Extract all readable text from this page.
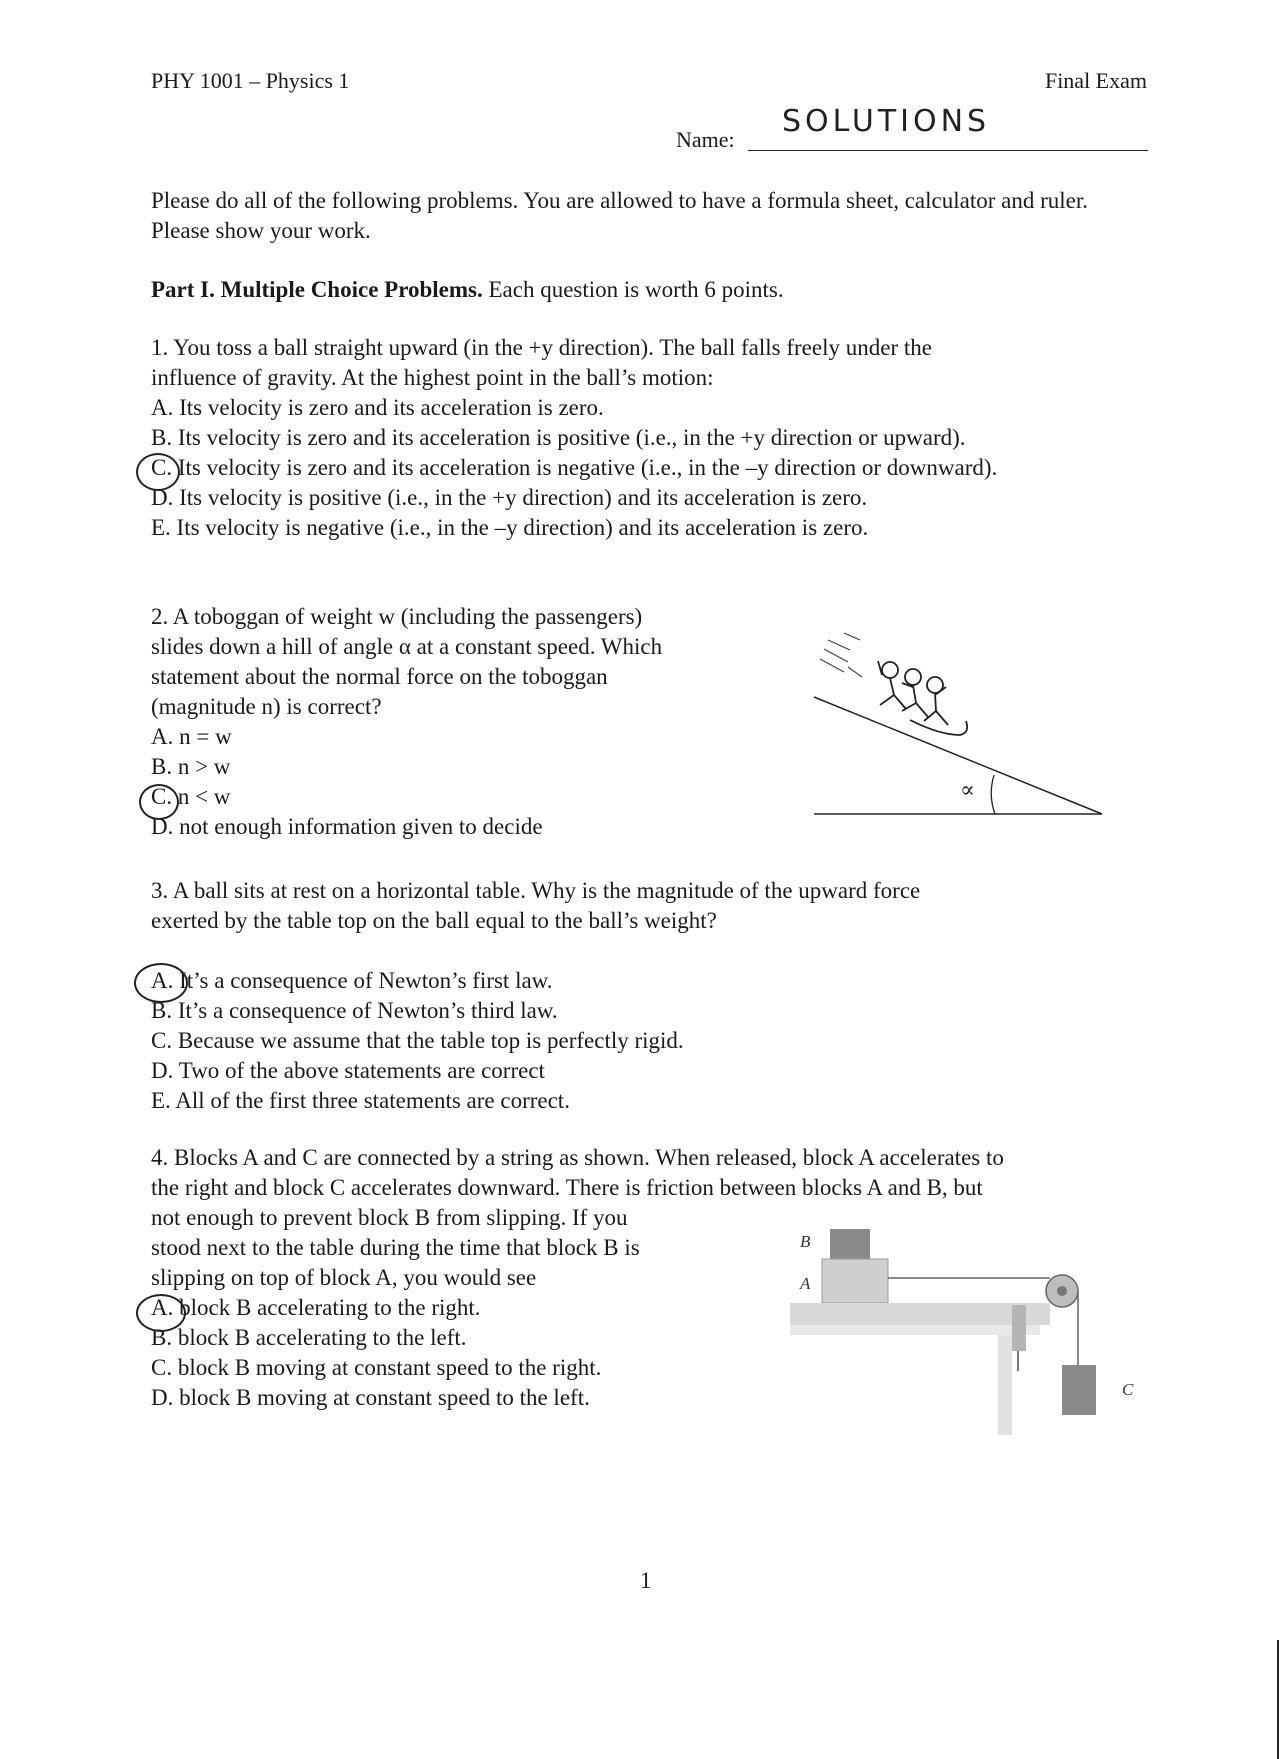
PHY 1001 – Physics 1	Final Exam
Name:
SOLUTIONS
Please do all of the following problems. You are allowed to have a formula sheet, calculator and ruler. Please show your work.
Part I. Multiple Choice Problems. Each question is worth 6 points.
1. You toss a ball straight upward (in the +y direction). The ball falls freely under the
influence of gravity. At the highest point in the ball’s motion:
A. Its velocity is zero and its acceleration is zero.
B. Its velocity is zero and its acceleration is positive (i.e., in the +y direction or upward).
C. Its velocity is zero and its acceleration is negative (i.e., in the –y direction or downward).
D. Its velocity is positive (i.e., in the +y direction) and its acceleration is zero.
E. Its velocity is negative (i.e., in the –y direction) and its acceleration is zero.
2. A toboggan of weight w (including the passengers)
slides down a hill of angle α at a constant speed. Which
statement about the normal force on the toboggan
(magnitude n) is correct?
A. n = w
B. n > w
C. n < w
D. not enough information given to decide
∝
3. A ball sits at rest on a horizontal table. Why is the magnitude of the upward force
exerted by the table top on the ball equal to the ball’s weight?
A. It’s a consequence of Newton’s first law.
B. It’s a consequence of Newton’s third law.
C. Because we assume that the table top is perfectly rigid.
D. Two of the above statements are correct
E. All of the first three statements are correct.
4. Blocks A and C are connected by a string as shown. When released, block A accelerates to
the right and block C accelerates downward. There is friction between blocks A and B, but
not enough to prevent block B from slipping. If you
stood next to the table during the time that block B is
slipping on top of block A, you would see
A. block B accelerating to the right.
B. block B accelerating to the left.
C. block B moving at constant speed to the right.
D. block B moving at constant speed to the left.
B
A
C
1
